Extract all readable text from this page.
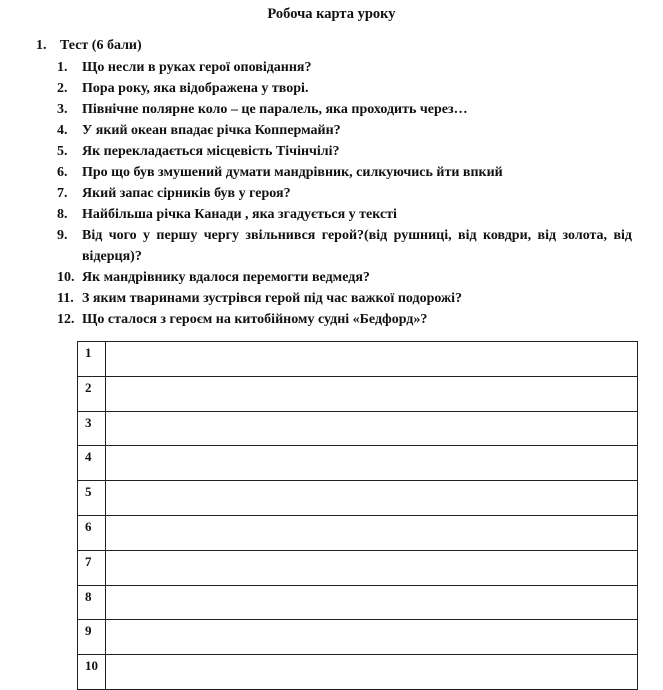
Робоча карта уроку
1. Тест (6 бали)
1.	Що несли в руках герої оповідання?
2.	Пора року, яка відображена у творі.
3.	Північне полярне коло – це паралель, яка проходить через…
4.	У який океан впадає річка Коппермайн?
5.	Як перекладається місцевість Тічінчілі?
6.	Про що був змушений думати мандрівник, силкуючись йти впкий
7.	Який запас сірників був у героя?
8.	Найбільша річка Канади , яка згадується у тексті
9.	Від чого у першу чергу звільнився герой?(від рушниці, від ковдри, від золота, від відерця)?
10. Як мандрівнику вдалося перемогти ведмедя?
11. З яким тваринами зустрівся герой під час важкої подорожі?
12. Що сталося з героєм на китобійному судні «Бедфорд»?
1	
2	
3	
4	
5	
6	
7	
8	
9	
10	
